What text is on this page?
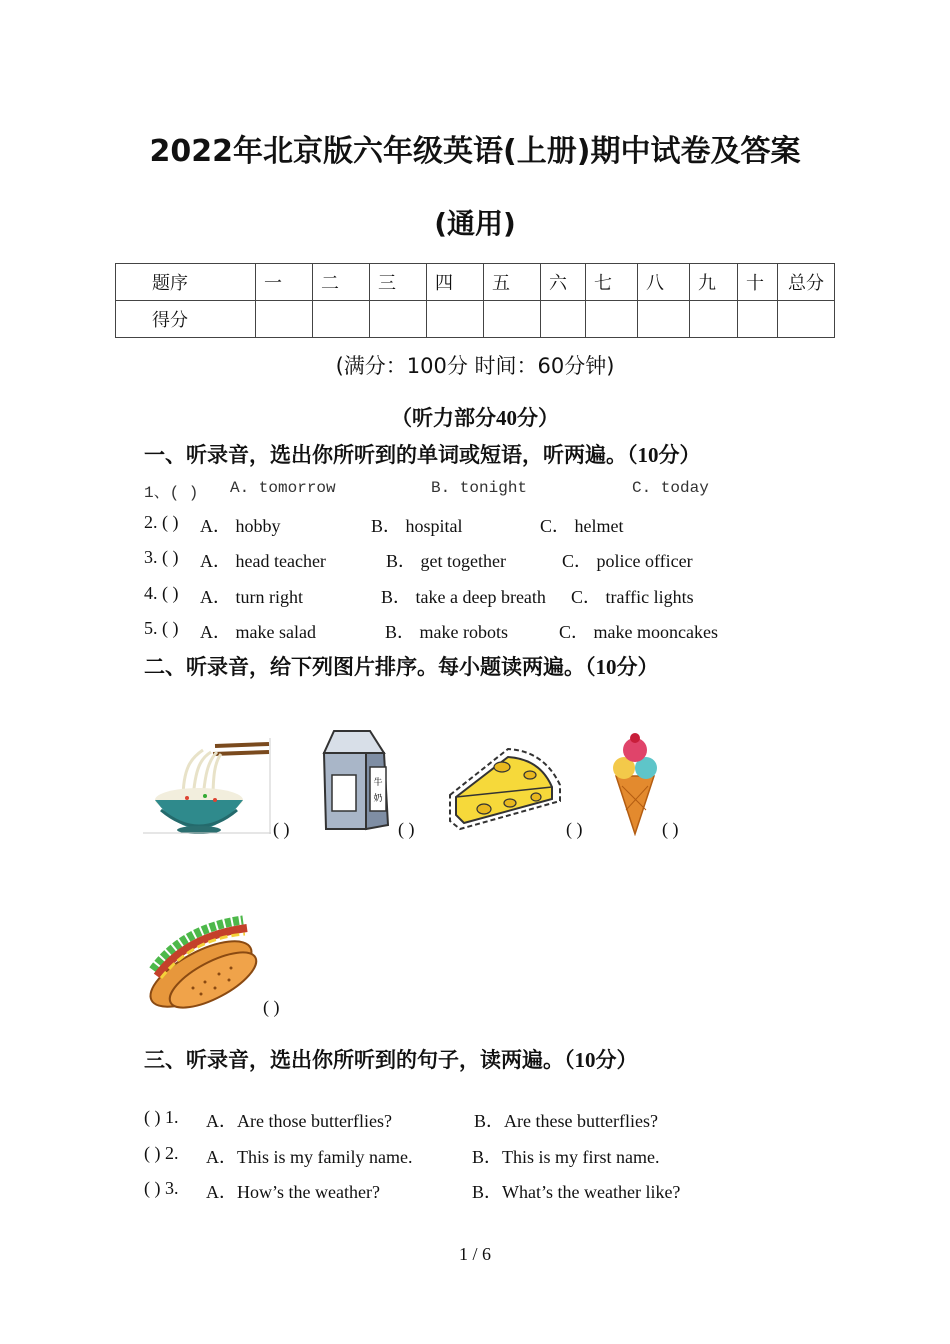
2022年北京版六年级英语(上册)期中试卷及答案
(通用)
题序	一	二	三	四	五	六	七	八	九	十	总分
得分											
(满分：100分 时间：60分钟)
（听力部分40分）
一、听录音，选出你所听到的单词或短语，听两遍。（10分）
1、( ) A. tomorrow	B. tonight	C. today
2. ( ) A． hobby	B． hospital	C． helmet
3. ( ) A． head teacher	B． get together	C． police officer
4. ( ) A． turn right	B． take a deep breath C． traffic lights
5. ( ) A． make salad	B． make robots	C． make mooncakes
二、听录音，给下列图片排序。每小题读两遍。（10分）
( )
牛
奶
( )	( )	( )
( )
三、听录音，选出你所听到的句子，读两遍。（10分）
( ) 1. A．Are those butterflies?	B．Are these butterflies?
( ) 2. A．This is my family name.	B．This is my first name.
( ) 3. A．How’s the weather?	B．What’s the weather like?
1 / 6
